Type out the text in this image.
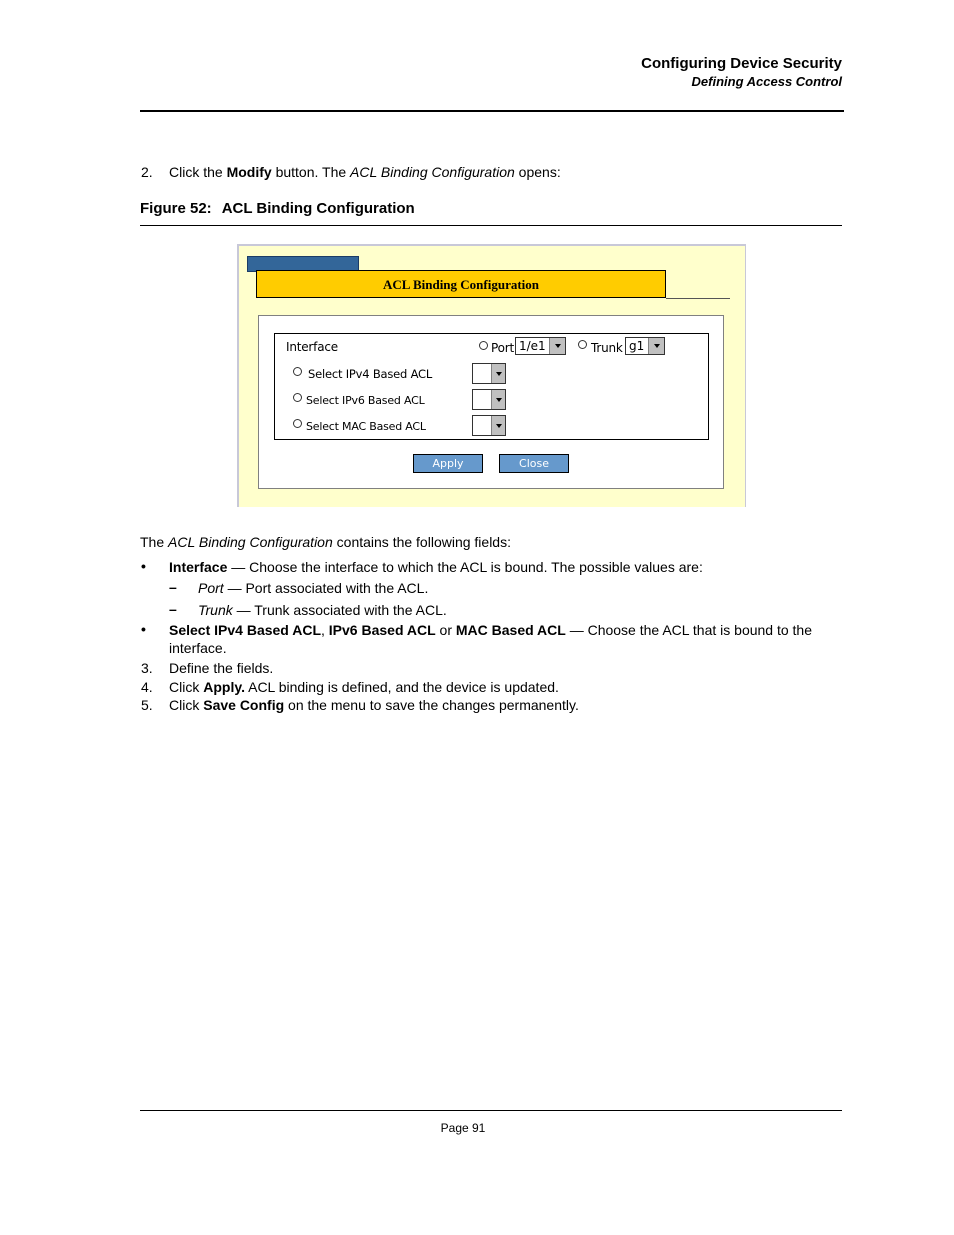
Configuring Device Security
Defining Access Control
2. Click the Modify button. The ACL Binding Configuration opens:
Figure 52: ACL Binding Configuration
ACL Binding Configuration
Interface	Port 1/e1	Trunk g1
Select IPv4 Based ACL
Select IPv6 Based ACL
Select MAC Based ACL
Apply	Close
The ACL Binding Configuration contains the following fields:
• Interface — Choose the interface to which the ACL is bound. The possible values are:
– Port — Port associated with the ACL.
– Trunk — Trunk associated with the ACL.
• Select IPv4 Based ACL, IPv6 Based ACL or MAC Based ACL — Choose the ACL that is bound to the
interface.
3. Define the fields.
4. Click Apply. ACL binding is defined, and the device is updated.
5. Click Save Config on the menu to save the changes permanently.
Page 91
